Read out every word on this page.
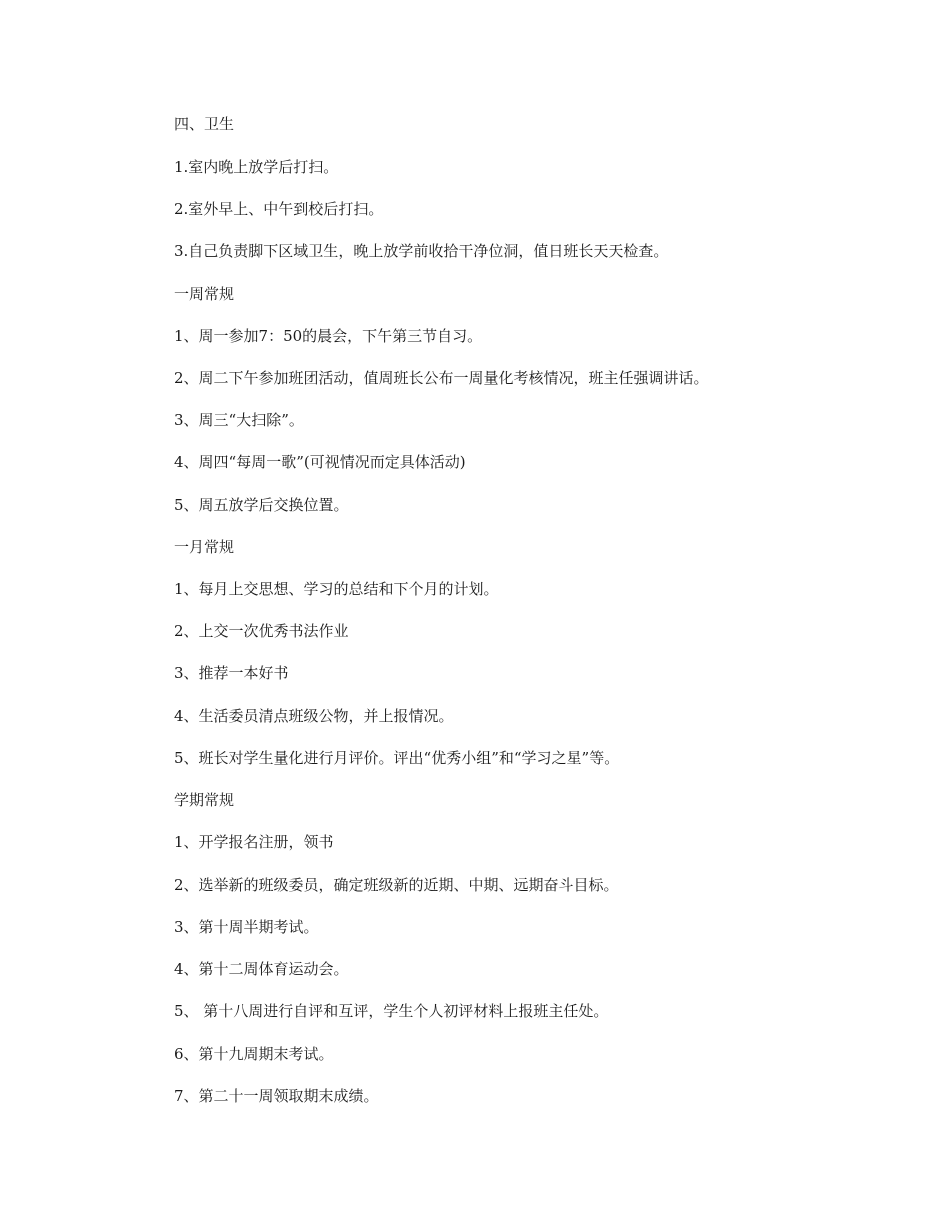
四、卫生

1.室内晚上放学后打扫。

2.室外早上、中午到校后打扫。

3.自己负责脚下区域卫生，晚上放学前收拾干净位洞，值日班长天天检查。

一周常规

1、周一参加7：50的晨会，下午第三节自习。

2、周二下午参加班团活动，值周班长公布一周量化考核情况，班主任强调讲话。

3、周三“大扫除”。

4、周四“每周一歌”(可视情况而定具体活动)

5、周五放学后交换位置。

一月常规

1、每月上交思想、学习的总结和下个月的计划。

2、上交一次优秀书法作业

3、推荐一本好书

4、生活委员清点班级公物，并上报情况。

5、班长对学生量化进行月评价。评出“优秀小组”和“学习之星”等。

学期常规

1、开学报名注册，领书

2、选举新的班级委员，确定班级新的近期、中期、远期奋斗目标。

3、第十周半期考试。

4、第十二周体育运动会。

5、 第十八周进行自评和互评，学生个人初评材料上报班主任处。

6、第十九周期末考试。

7、第二十一周领取期末成绩。
